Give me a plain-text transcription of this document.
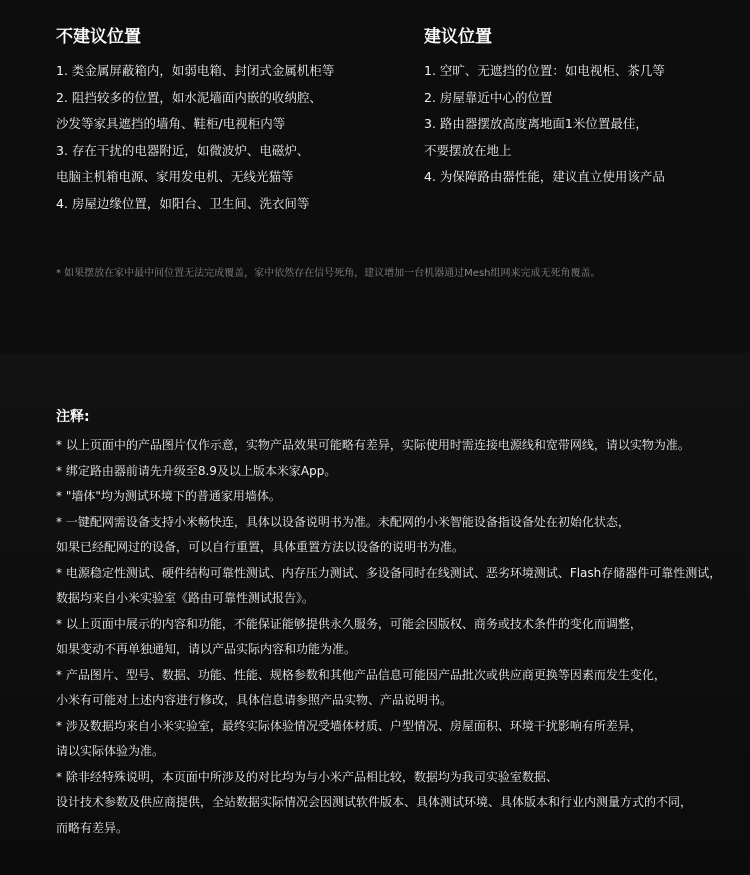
不建议位置
1. 类金属屏蔽箱内，如弱电箱、封闭式金属机柜等
2. 阻挡较多的位置，如水泥墙面内嵌的收纳腔、
沙发等家具遮挡的墙角、鞋柜/电视柜内等
3. 存在干扰的电器附近，如微波炉、电磁炉、
电脑主机箱电源、家用发电机、无线光猫等
4. 房屋边缘位置，如阳台、卫生间、洗衣间等
建议位置
1. 空旷、无遮挡的位置：如电视柜、茶几等
2. 房屋靠近中心的位置
3. 路由器摆放高度离地面1米位置最佳，
不要摆放在地上
4. 为保障路由器性能，建议直立使用该产品
* 如果摆放在家中最中间位置无法完成覆盖，家中依然存在信号死角，建议增加一台机器通过Mesh组网来完成无死角覆盖。
注释:
* 以上页面中的产品图片仅作示意，实物产品效果可能略有差异，实际使用时需连接电源线和宽带网线，请以实物为准。
* 绑定路由器前请先升级至8.9及以上版本米家App。
* "墙体"均为测试环境下的普通家用墙体。
* 一键配网需设备支持小米畅快连，具体以设备说明书为准。未配网的小米智能设备指设备处在初始化状态，
如果已经配网过的设备，可以自行重置，具体重置方法以设备的说明书为准。
* 电源稳定性测试、硬件结构可靠性测试、内存压力测试、多设备同时在线测试、恶劣环境测试、Flash存储器件可靠性测试，
数据均来自小米实验室《路由可靠性测试报告》。
* 以上页面中展示的内容和功能，不能保证能够提供永久服务，可能会因版权、商务或技术条件的变化而调整，
如果变动不再单独通知，请以产品实际内容和功能为准。
* 产品图片、型号、数据、功能、性能、规格参数和其他产品信息可能因产品批次或供应商更换等因素而发生变化，
小米有可能对上述内容进行修改，具体信息请参照产品实物、产品说明书。
* 涉及数据均来自小米实验室，最终实际体验情况受墙体材质、户型情况、房屋面积、环境干扰影响有所差异，
请以实际体验为准。
* 除非经特殊说明，本页面中所涉及的对比均为与小米产品相比较，数据均为我司实验室数据、
设计技术参数及供应商提供，全站数据实际情况会因测试软件版本、具体测试环境、具体版本和行业内测量方式的不同，
而略有差异。
